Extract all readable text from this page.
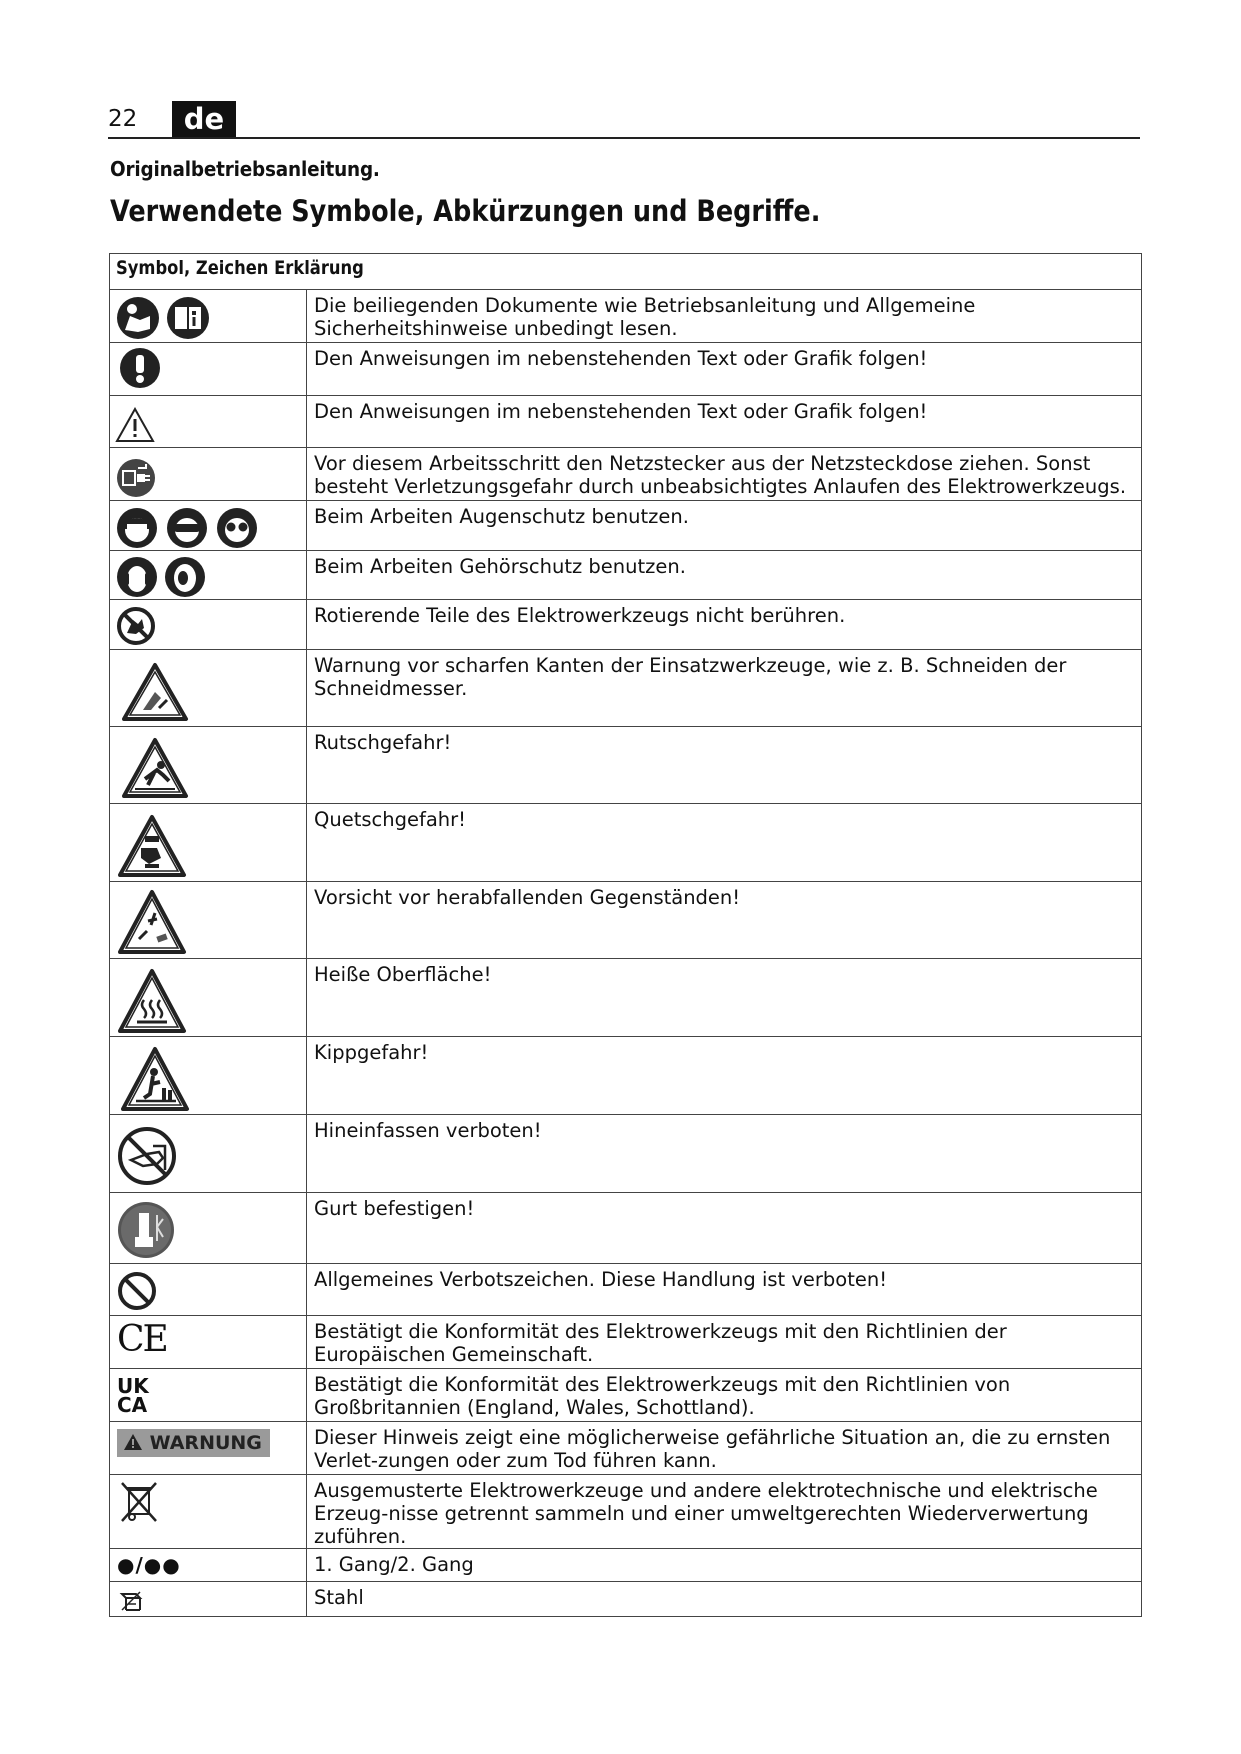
22	de
Originalbetriebsanleitung.
Verwendete Symbole, Abkürzungen und Begriffe.
Symbol, Zeichen Erklärung	

	Die beiliegenden Dokumente wie Betriebsanleitung und Allgemeine Sicherheitshinweise unbedingt lesen.

	Den Anweisungen im nebenstehenden Text oder Grafik folgen!

	Den Anweisungen im nebenstehenden Text oder Grafik folgen!

	Vor diesem Arbeitsschritt den Netzstecker aus der Netzsteckdose ziehen. Sonst besteht Verletzungsgefahr durch unbeabsichtigtes Anlaufen des Elektrowerkzeugs.

	Beim Arbeiten Augenschutz benutzen.

	Beim Arbeiten Gehörschutz benutzen.

	Rotierende Teile des Elektrowerkzeugs nicht berühren.

	Warnung vor scharfen Kanten der Einsatzwerkzeuge, wie z. B. Schneiden der Schneidmesser.

	Rutschgefahr!

	Quetschgefahr!

	Vorsicht vor herabfallenden Gegenständen!

	Heiße Oberfläche!

	Kippgefahr!

	Hineinfassen verboten!

	Gurt befestigen!

	Allgemeines Verbotszeichen. Diese Handlung ist verboten!

CE	Bestätigt die Konformität des Elektrowerkzeugs mit den Richtlinien der Europäischen Gemeinschaft.

UK
CA	Bestätigt die Konformität des Elektrowerkzeugs mit den Richtlinien von Großbritannien (England, Wales, Schottland).

WARNUNG	Dieser Hinweis zeigt eine möglicherweise gefährliche Situation an, die zu ernsten Verlet-zungen oder zum Tod führen kann.

	Ausgemusterte Elektrowerkzeuge und andere elektrotechnische und elektrische Erzeug-nisse getrennt sammeln und einer umweltgerechten Wiederverwertung zuführen.

●/●●	1. Gang/2. Gang

	Stahl
